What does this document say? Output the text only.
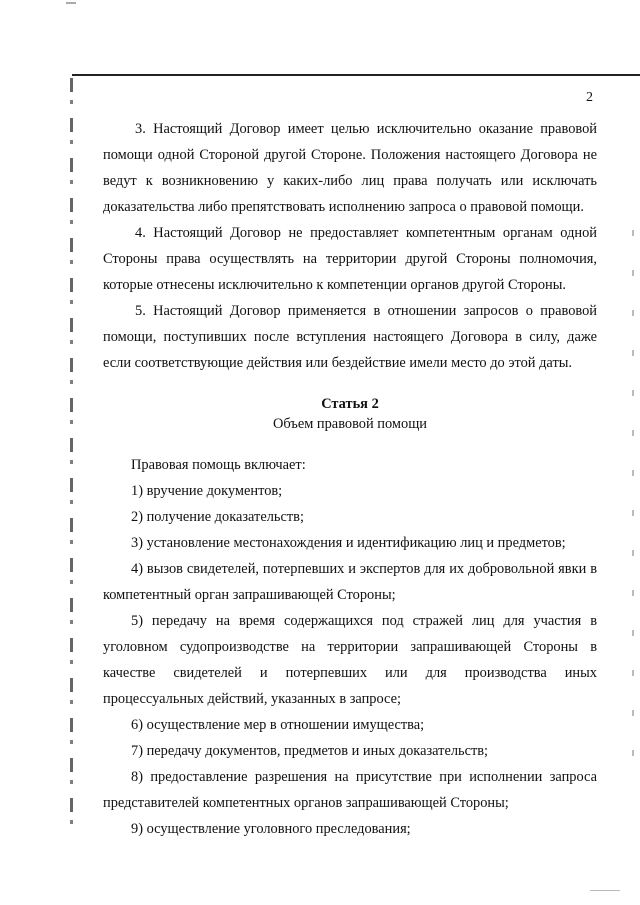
2

3. Настоящий Договор имеет целью исключительно оказание правовой помощи одной Стороной другой Стороне. Положения настоящего Договора не ведут к возникновению у каких-либо лиц права получать или исключать доказательства либо препятствовать исполнению запроса о правовой помощи.

4. Настоящий Договор не предоставляет компетентным органам одной Стороны права осуществлять на территории другой Стороны полномочия, которые отнесены исключительно к компетенции органов другой Стороны.

5. Настоящий Договор применяется в отношении запросов о правовой помощи, поступивших после вступления настоящего Договора в силу, даже если соответствующие действия или бездействие имели место до этой даты.

Статья 2
Объем правовой помощи

Правовая помощь включает:

1) вручение документов;

2) получение доказательств;

3) установление местонахождения и идентификацию лиц и предметов;

4) вызов свидетелей, потерпевших и экспертов для их добровольной явки в компетентный орган запрашивающей Стороны;

5) передачу на время содержащихся под стражей лиц для участия в уголовном судопроизводстве на территории запрашивающей Стороны в качестве свидетелей и потерпевших или для производства иных процессуальных действий, указанных в запросе;

6) осуществление мер в отношении имущества;

7) передачу документов, предметов и иных доказательств;

8) предоставление разрешения на присутствие при исполнении запроса представителей компетентных органов запрашивающей Стороны;

9) осуществление уголовного преследования;
